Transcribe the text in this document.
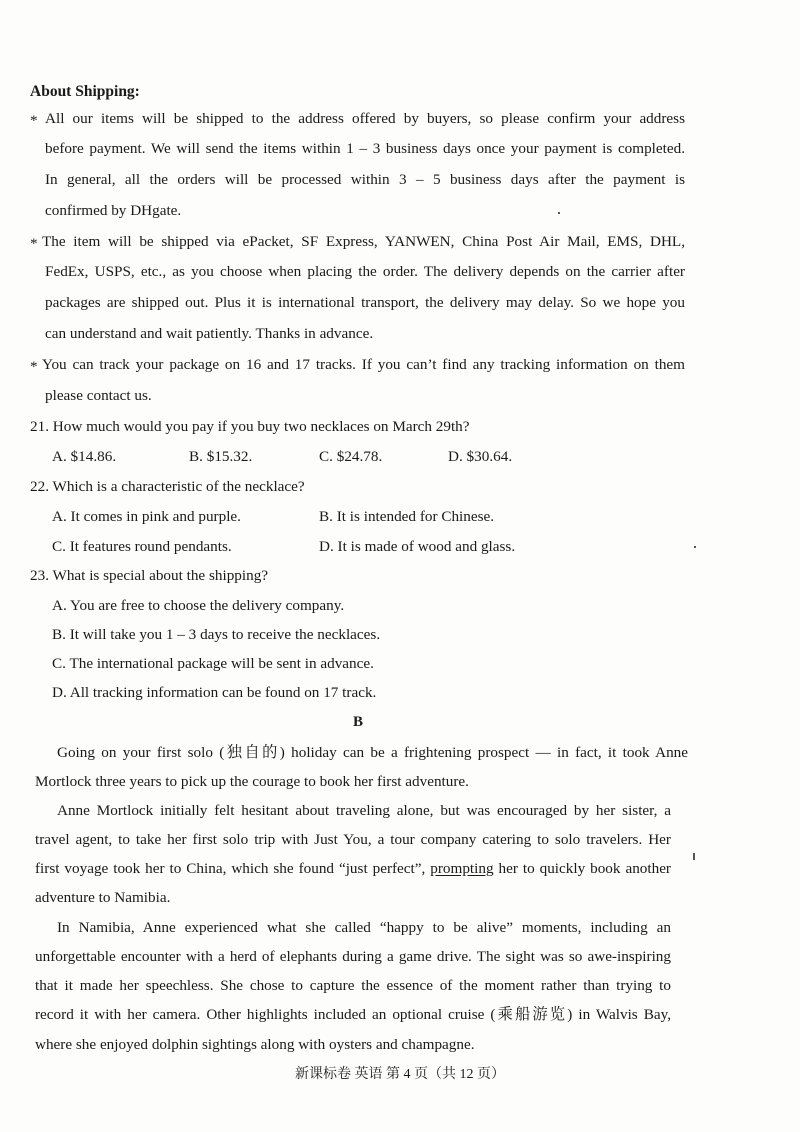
About Shipping:
* All our items will be shipped to the address offered by buyers, so please confirm your address
before payment. We will send the items within 1 – 3 business days once your payment is completed.
In general, all the orders will be processed within 3 – 5 business days after the payment is
confirmed by DHgate.
* The item will be shipped via ePacket, SF Express, YANWEN, China Post Air Mail, EMS, DHL,
FedEx, USPS, etc., as you choose when placing the order. The delivery depends on the carrier after
packages are shipped out. Plus it is international transport, the delivery may delay. So we hope you
can understand and wait patiently. Thanks in advance.
* You can track your package on 16 and 17 tracks. If you can’t find any tracking information on them
please contact us.
21. How much would you pay if you buy two necklaces on March 29th?
A. $14.86.	B. $15.32.	C. $24.78.	D. $30.64.
22. Which is a characteristic of the necklace?
A. It comes in pink and purple.	B. It is intended for Chinese.
C. It features round pendants.	D. It is made of wood and glass.
23. What is special about the shipping?
A. You are free to choose the delivery company.
B. It will take you 1 – 3 days to receive the necklaces.
C. The international package will be sent in advance.
D. All tracking information can be found on 17 track.
B
Going on your first solo (独自的) holiday can be a frightening prospect — in fact, it took Anne
Mortlock three years to pick up the courage to book her first adventure.
Anne Mortlock initially felt hesitant about traveling alone, but was encouraged by her sister, a
travel agent, to take her first solo trip with Just You, a tour company catering to solo travelers. Her
first voyage took her to China, which she found “just perfect”, prompting her to quickly book another
adventure to Namibia.
In Namibia, Anne experienced what she called “happy to be alive” moments, including an
unforgettable encounter with a herd of elephants during a game drive. The sight was so awe-inspiring
that it made her speechless. She chose to capture the essence of the moment rather than trying to
record it with her camera. Other highlights included an optional cruise (乘船游览) in Walvis Bay,
where she enjoyed dolphin sightings along with oysters and champagne.
新课标卷 英语 第 4 页（共 12 页）
